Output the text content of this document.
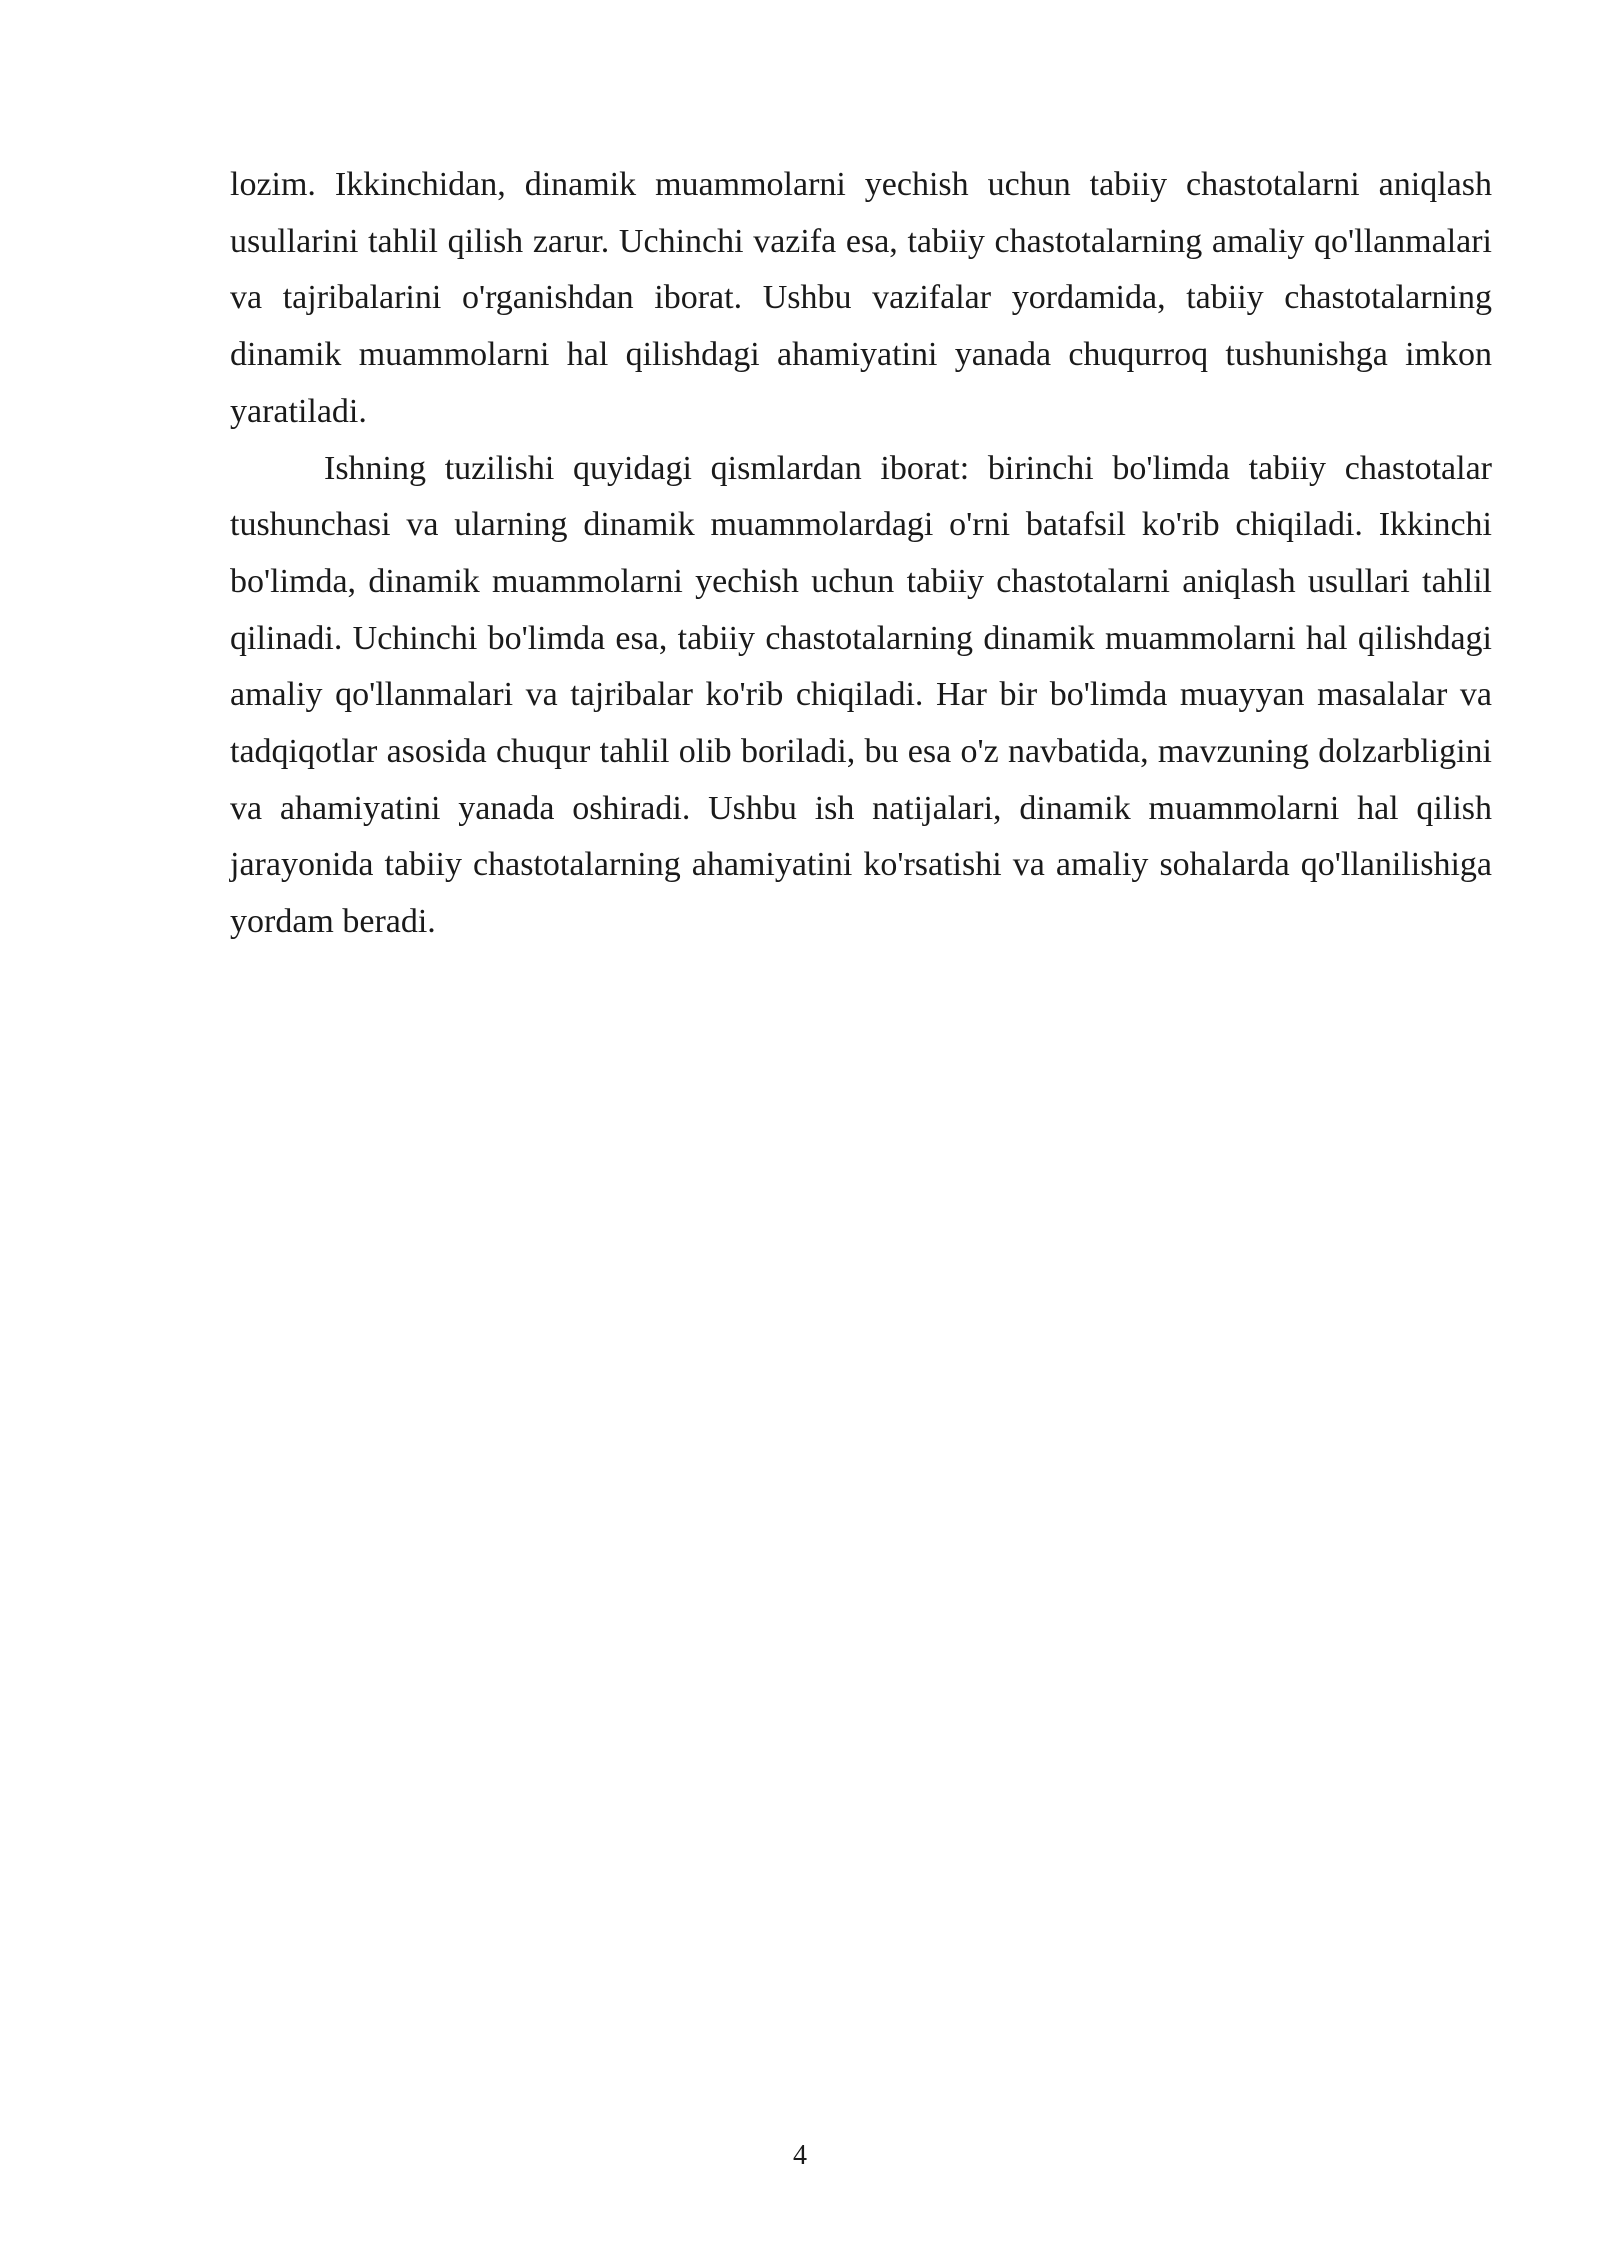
lozim. Ikkinchidan, dinamik muammolarni yechish uchun tabiiy chastotalarni aniqlash usullarini tahlil qilish zarur. Uchinchi vazifa esa, tabiiy chastotalarning amaliy qo'llanmalari va tajribalarini o'rganishdan iborat. Ushbu vazifalar yordamida, tabiiy chastotalarning dinamik muammolarni hal qilishdagi ahamiyatini yanada chuqurroq tushunishga imkon yaratiladi.

Ishning tuzilishi quyidagi qismlardan iborat: birinchi bo'limda tabiiy chastotalar tushunchasi va ularning dinamik muammolardagi o'rni batafsil ko'rib chiqiladi. Ikkinchi bo'limda, dinamik muammolarni yechish uchun tabiiy chastotalarni aniqlash usullari tahlil qilinadi. Uchinchi bo'limda esa, tabiiy chastotalarning dinamik muammolarni hal qilishdagi amaliy qo'llanmalari va tajribalar ko'rib chiqiladi. Har bir bo'limda muayyan masalalar va tadqiqotlar asosida chuqur tahlil olib boriladi, bu esa o'z navbatida, mavzuning dolzarbligini va ahamiyatini yanada oshiradi. Ushbu ish natijalari, dinamik muammolarni hal qilish jarayonida tabiiy chastotalarning ahamiyatini ko'rsatishi va amaliy sohalarda qo'llanilishiga yordam beradi.

4
